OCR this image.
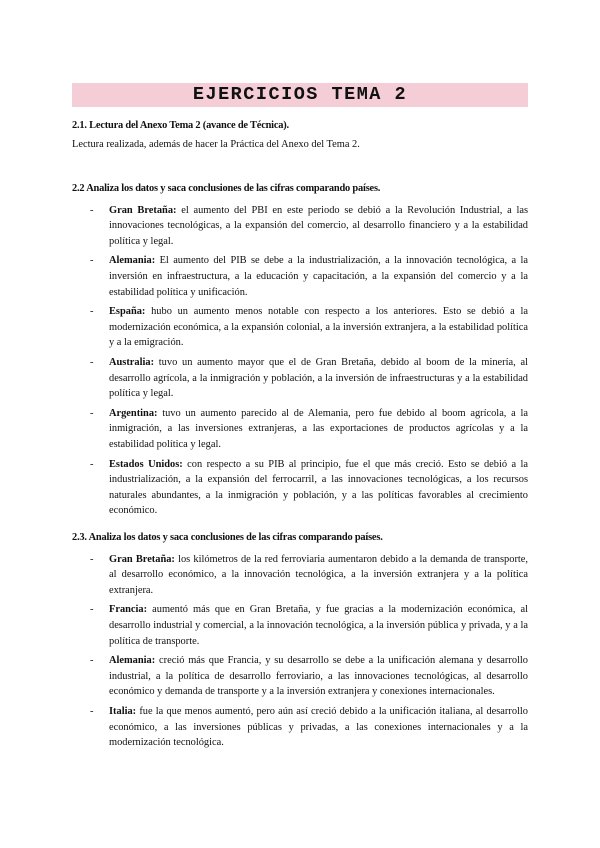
EJERCICIOS TEMA 2

2.1. Lectura del Anexo Tema 2 (avance de Técnica).

Lectura realizada, además de hacer la Práctica del Anexo del Tema 2.

2.2 Analiza los datos y saca conclusiones de las cifras comparando países.

- Gran Bretaña: el aumento del PBI en este periodo se debió a la Revolución Industrial, a las innovaciones tecnológicas, a la expansión del comercio, al desarrollo financiero y a la estabilidad política y legal.
- Alemania: El aumento del PIB se debe a la industrialización, a la innovación tecnológica, a la inversión en infraestructura, a la educación y capacitación, a la expansión del comercio y a la estabilidad política y unificación.
- España: hubo un aumento menos notable con respecto a los anteriores. Esto se debió a la modernización económica, a la expansión colonial, a la inversión extranjera, a la estabilidad política y a la emigración.
- Australia: tuvo un aumento mayor que el de Gran Bretaña, debido al boom de la minería, al desarrollo agrícola, a la inmigración y población, a la inversión de infraestructuras y a la estabilidad política y legal.
- Argentina: tuvo un aumento parecido al de Alemania, pero fue debido al boom agrícola, a la inmigración, a las inversiones extranjeras, a las exportaciones de productos agrícolas y a la estabilidad política y legal.
- Estados Unidos: con respecto a su PIB al principio, fue el que más creció. Esto se debió a la industrialización, a la expansión del ferrocarril, a las innovaciones tecnológicas, a los recursos naturales abundantes, a la inmigración y población, y a las políticas favorables al crecimiento económico.

2.3. Analiza los datos y saca conclusiones de las cifras comparando países.

- Gran Bretaña: los kilómetros de la red ferroviaria aumentaron debido a la demanda de transporte, al desarrollo económico, a la innovación tecnológica, a la inversión extranjera y a la política extranjera.
- Francia: aumentó más que en Gran Bretaña, y fue gracias a la modernización económica, al desarrollo industrial y comercial, a la innovación tecnológica, a la inversión pública y privada, y a la política de transporte.
- Alemania: creció más que Francia, y su desarrollo se debe a la unificación alemana y desarrollo industrial, a la política de desarrollo ferroviario, a las innovaciones tecnológicas, al desarrollo económico y demanda de transporte y a la inversión extranjera y conexiones internacionales.
- Italia: fue la que menos aumentó, pero aún así creció debido a la unificación italiana, al desarrollo económico, a las inversiones públicas y privadas, a las conexiones internacionales y a la modernización tecnológica.
